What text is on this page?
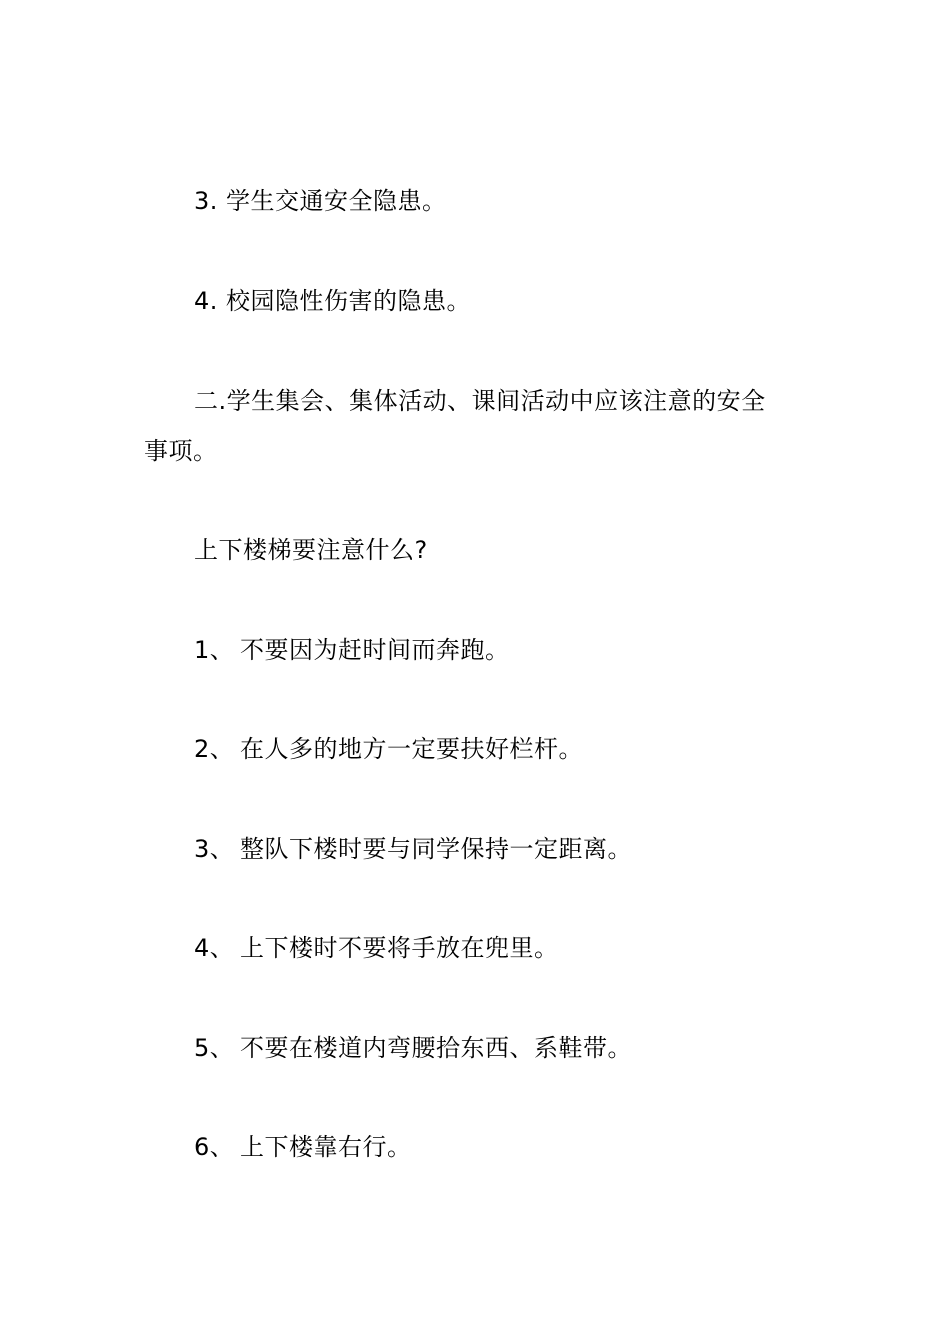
3. 学生交通安全隐患。
4. 校园隐性伤害的隐患。
二.学生集会、集体活动、课间活动中应该注意的安全
事项。
上下楼梯要注意什么?
1、 不要因为赶时间而奔跑。
2、 在人多的地方一定要扶好栏杆。
3、 整队下楼时要与同学保持一定距离。
4、 上下楼时不要将手放在兜里。
5、 不要在楼道内弯腰拾东西、系鞋带。
6、 上下楼靠右行。
